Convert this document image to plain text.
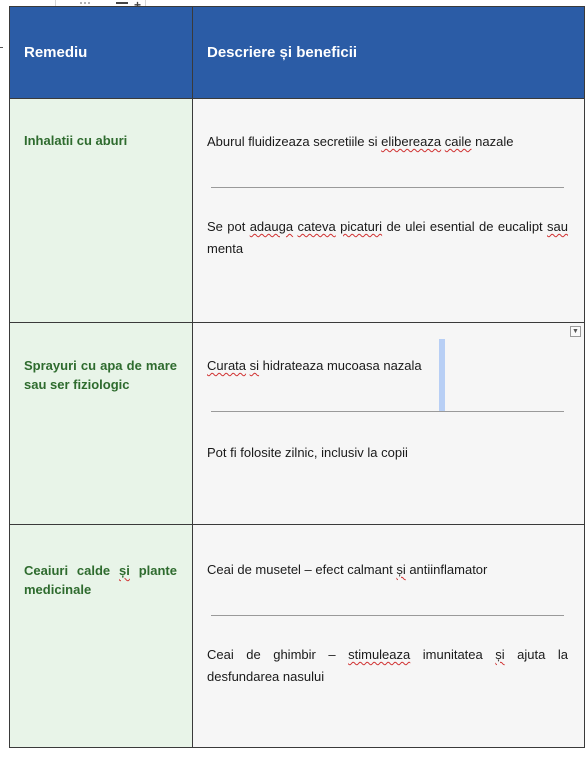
Remediu	Descriere și beneficii

Inhalatii cu aburi	Aburul fluidizeaza secretiile si elibereaza caile nazale

Se pot adauga cateva picaturi de ulei esential de eucalipt sau menta

Sprayuri cu apa de mare sau ser fiziologic	▼

Curata si hidrateaza mucoasa nazala

Pot fi folosite zilnic, inclusiv la copii

Ceaiuri calde și plante medicinale	Ceai de musetel – efect calmant și antiinflamator

Ceai de ghimbir – stimuleaza imunitatea și ajuta la desfundarea nasului
